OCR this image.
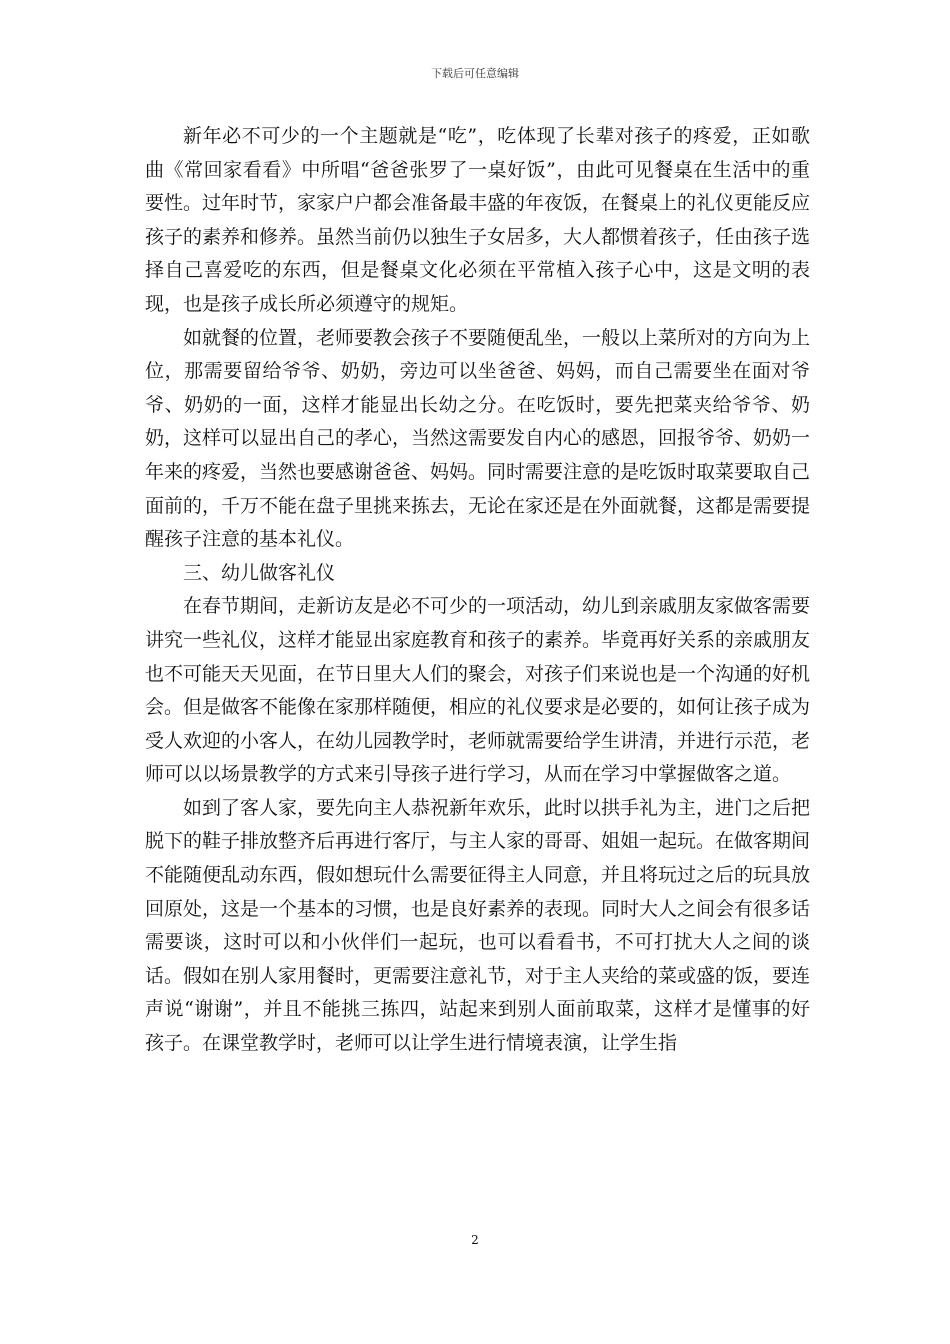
下载后可任意编辑

新年必不可少的一个主题就是“吃”，吃体现了长辈对孩子的疼爱，正如歌曲《常回家看看》中所唱“爸爸张罗了一桌好饭”，由此可见餐桌在生活中的重要性。过年时节，家家户户都会准备最丰盛的年夜饭，在餐桌上的礼仪更能反应孩子的素养和修养。虽然当前仍以独生子女居多，大人都惯着孩子，任由孩子选择自己喜爱吃的东西，但是餐桌文化必须在平常植入孩子心中，这是文明的表现，也是孩子成长所必须遵守的规矩。

如就餐的位置，老师要教会孩子不要随便乱坐，一般以上菜所对的方向为上位，那需要留给爷爷、奶奶，旁边可以坐爸爸、妈妈，而自己需要坐在面对爷爷、奶奶的一面，这样才能显出长幼之分。在吃饭时，要先把菜夹给爷爷、奶奶，这样可以显出自己的孝心，当然这需要发自内心的感恩，回报爷爷、奶奶一年来的疼爱，当然也要感谢爸爸、妈妈。同时需要注意的是吃饭时取菜要取自己面前的，千万不能在盘子里挑来拣去，无论在家还是在外面就餐，这都是需要提醒孩子注意的基本礼仪。

三、幼儿做客礼仪

在春节期间，走新访友是必不可少的一项活动，幼儿到亲戚朋友家做客需要讲究一些礼仪，这样才能显出家庭教育和孩子的素养。毕竟再好关系的亲戚朋友也不可能天天见面，在节日里大人们的聚会，对孩子们来说也是一个沟通的好机会。但是做客不能像在家那样随便，相应的礼仪要求是必要的，如何让孩子成为受人欢迎的小客人，在幼儿园教学时，老师就需要给学生讲清，并进行示范，老师可以以场景教学的方式来引导孩子进行学习，从而在学习中掌握做客之道。

如到了客人家，要先向主人恭祝新年欢乐，此时以拱手礼为主，进门之后把脱下的鞋子排放整齐后再进行客厅，与主人家的哥哥、姐姐一起玩。在做客期间不能随便乱动东西，假如想玩什么需要征得主人同意，并且将玩过之后的玩具放回原处，这是一个基本的习惯，也是良好素养的表现。同时大人之间会有很多话需要谈，这时可以和小伙伴们一起玩，也可以看看书，不可打扰大人之间的谈话。假如在别人家用餐时，更需要注意礼节，对于主人夹给的菜或盛的饭，要连声说“谢谢”，并且不能挑三拣四，站起来到别人面前取菜，这样才是懂事的好孩子。在课堂教学时，老师可以让学生进行情境表演，让学生指

2
